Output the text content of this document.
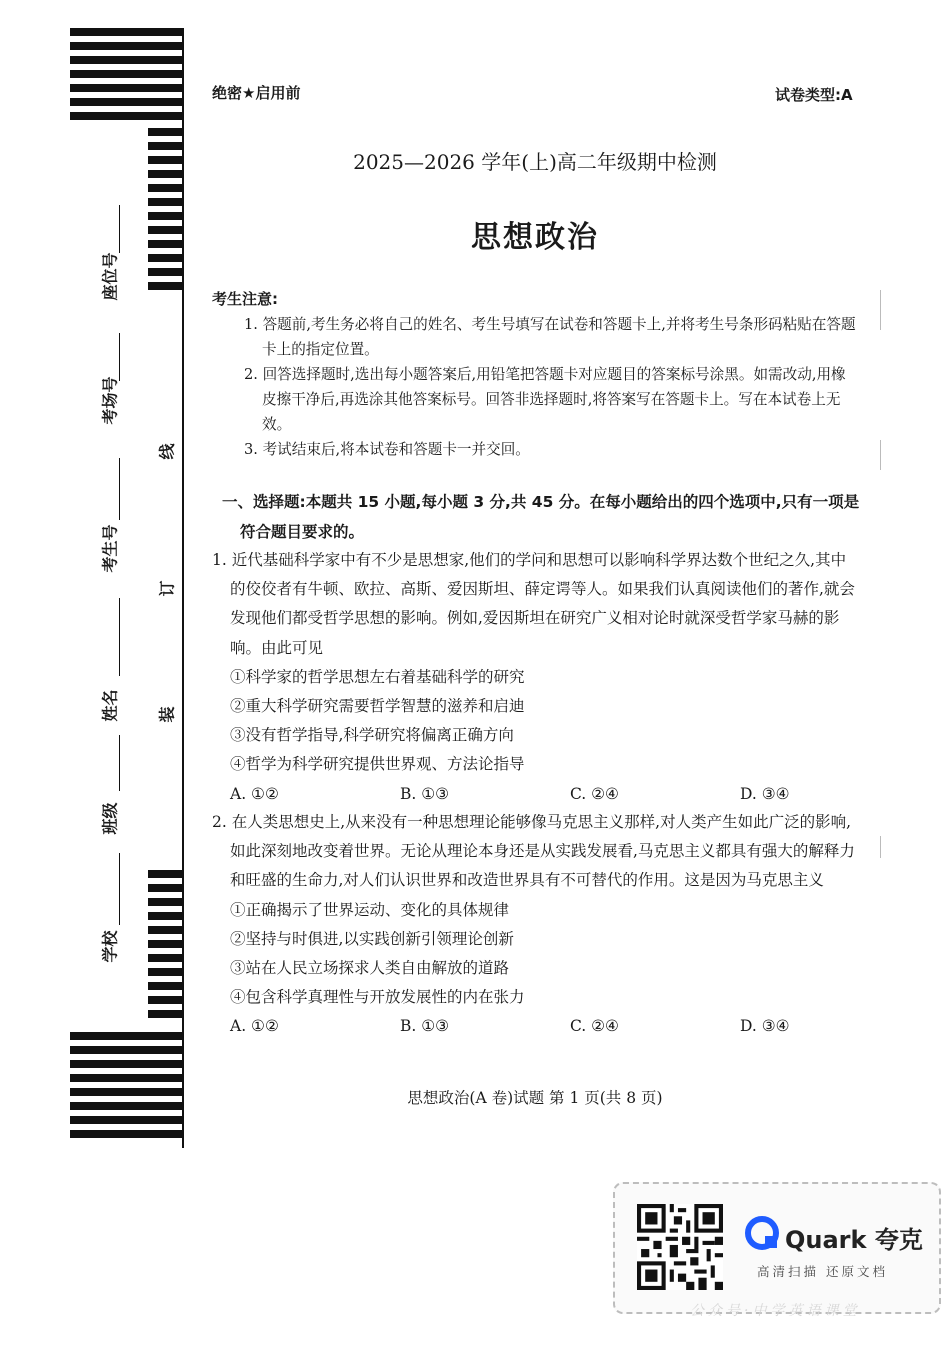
座位号
考场号
考生号
姓名
班级
学校
线
订
装
绝密★启用前	试卷类型:A
2025—2026 学年(上)高二年级期中检测
思想政治
考生注意:

1. 答题前,考生务必将自己的姓名、考生号填写在试卷和答题卡上,并将考生号条形码粘贴在答题卡上的指定位置。

2. 回答选择题时,选出每小题答案后,用铅笔把答题卡对应题目的答案标号涂黑。如需改动,用橡皮擦干净后,再选涂其他答案标号。回答非选择题时,将答案写在答题卡上。写在本试卷上无效。

3. 考试结束后,将本试卷和答题卡一并交回。

一、选择题:本题共 15 小题,每小题 3 分,共 45 分。在每小题给出的四个选项中,只有一项是符合题目要求的。

1. 近代基础科学家中有不少是思想家,他们的学问和思想可以影响科学界达数个世纪之久,其中的佼佼者有牛顿、欧拉、高斯、爱因斯坦、薛定谔等人。如果我们认真阅读他们的著作,就会发现他们都受哲学思想的影响。例如,爱因斯坦在研究广义相对论时就深受哲学家马赫的影响。由此可见

①科学家的哲学思想左右着基础科学的研究

②重大科学研究需要哲学智慧的滋养和启迪

③没有哲学指导,科学研究将偏离正确方向

④哲学为科学研究提供世界观、方法论指导

A. ①②	B. ①③	C. ②④	D. ③④

2. 在人类思想史上,从来没有一种思想理论能够像马克思主义那样,对人类产生如此广泛的影响,如此深刻地改变着世界。无论从理论本身还是从实践发展看,马克思主义都具有强大的解释力和旺盛的生命力,对人们认识世界和改造世界具有不可替代的作用。这是因为马克思主义

①正确揭示了世界运动、变化的具体规律

②坚持与时俱进,以实践创新引领理论创新

③站在人民立场探求人类自由解放的道路

④包含科学真理性与开放发展性的内在张力

A. ①②	B. ①③	C. ②④	D. ③④
思想政治(A 卷)试题 第 1 页(共 8 页)
Quark 夸克
高清扫描 还原文档
公众号·中学英语课堂
